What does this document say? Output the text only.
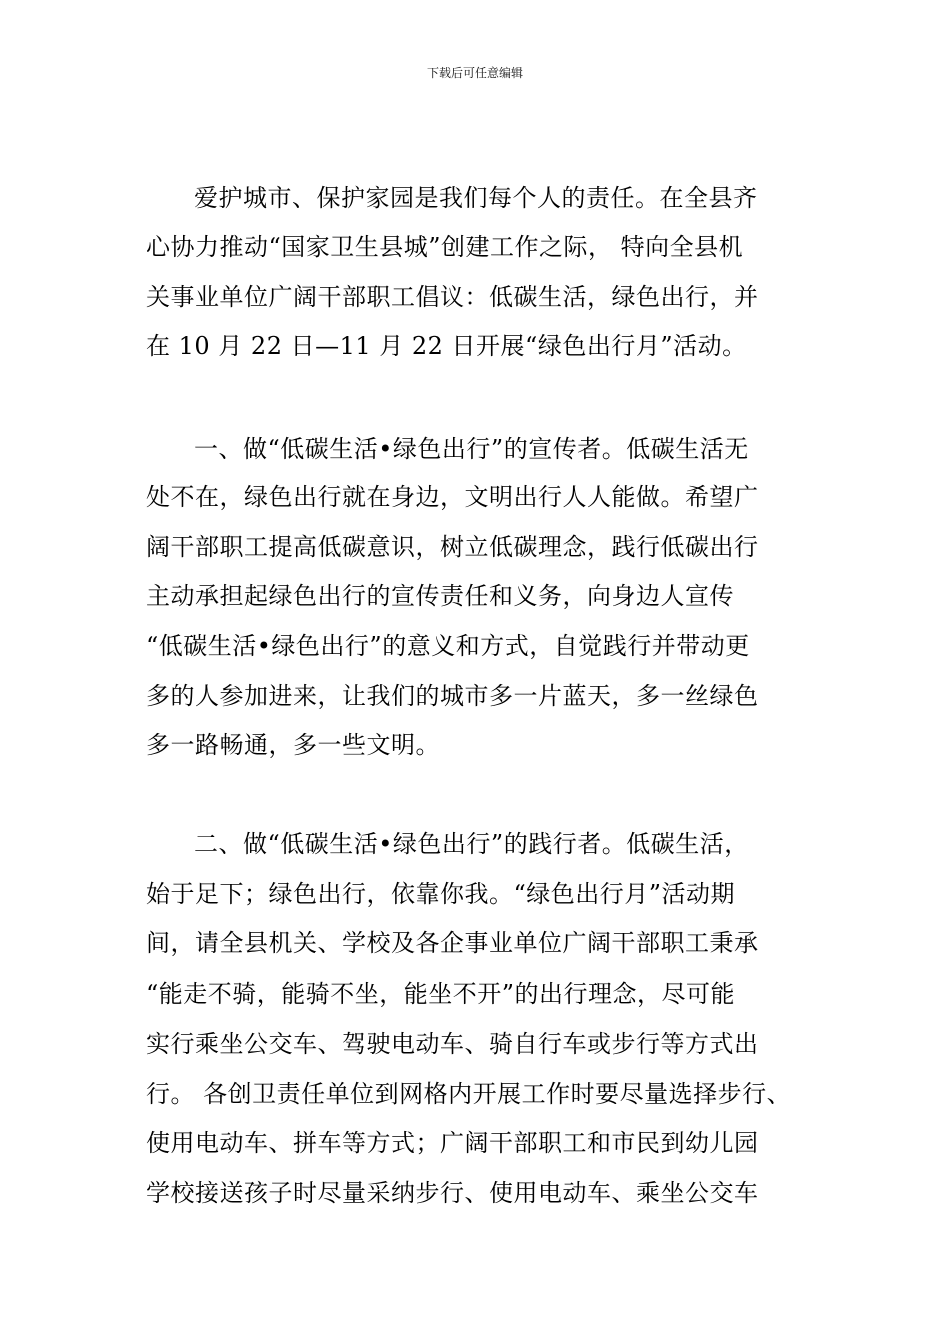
下载后可任意编辑
爱护城市、保护家园是我们每个人的责任。在全县齐
心协力推动“国家卫生县城”创建工作之际， 特向全县机
关事业单位广阔干部职工倡议：低碳生活，绿色出行，并
在 10 月 22 日—11 月 22 日开展“绿色出行月”活动。
一、做“低碳生活•绿色出行”的宣传者。低碳生活无
处不在，绿色出行就在身边，文明出行人人能做。希望广
阔干部职工提高低碳意识，树立低碳理念，践行低碳出行
主动承担起绿色出行的宣传责任和义务，向身边人宣传
“低碳生活•绿色出行”的意义和方式，自觉践行并带动更
多的人参加进来，让我们的城市多一片蓝天，多一丝绿色
多一路畅通，多一些文明。
二、做“低碳生活•绿色出行”的践行者。低碳生活，
始于足下；绿色出行，依靠你我。“绿色出行月”活动期
间，请全县机关、学校及各企事业单位广阔干部职工秉承
“能走不骑，能骑不坐，能坐不开”的出行理念，尽可能
实行乘坐公交车、驾驶电动车、骑自行车或步行等方式出
行。 各创卫责任单位到网格内开展工作时要尽量选择步行、
使用电动车、拼车等方式；广阔干部职工和市民到幼儿园
学校接送孩子时尽量采纳步行、使用电动车、乘坐公交车
